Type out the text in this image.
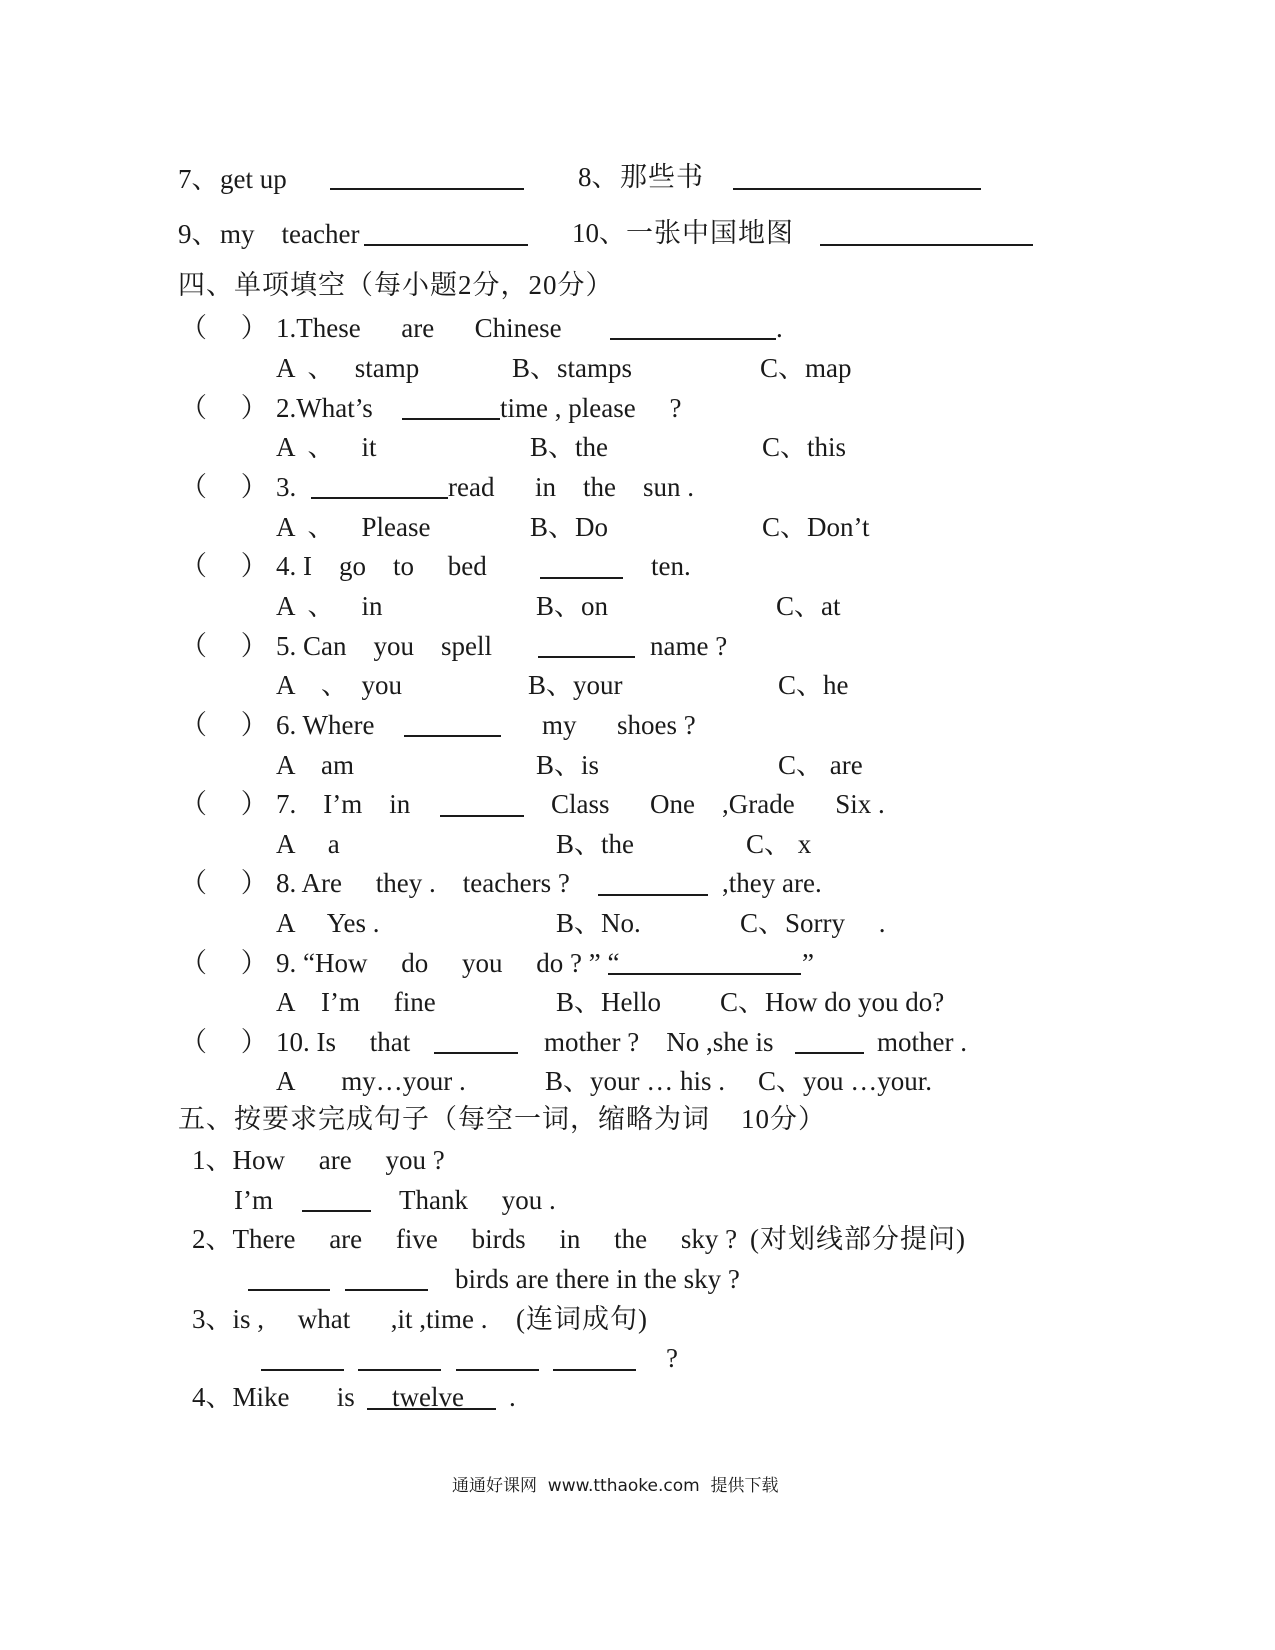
7、 get up	8、 那些书
9、 my    teacher	10、 一张中国地图
四、单项填空（每小题2分，20分）
（     ） 1.These      are      Chinese	.
A  、   stamp	B、stamps	C、map
（     ） 2.What’s	time , please     ?
A  、    it	B、the	C、this
（     ） 3.	read      in    the    sun .
A  、    Please	B、Do	C、Don’t
（     ） 4. I    go    to     bed	ten.
A  、    in	B、on	C、at
（     ） 5. Can    you    spell	name ?
A    、  you	B、your	C、he
（     ） 6. Where	my      shoes ?
A    am	B、is	C、 are
（     ） 7.    I’m    in	Class      One    ,Grade      Six .
A     a	B、the	C、 x
（     ） 8. Are     they .    teachers ?	,they are.
A     Yes .	B、No.	C、Sorry     .
（     ） 9. “How     do     you     do ? ” “	”
A    I’m     fine	B、Hello C、How do you do?
（     ） 10. Is     that	mother ?    No ,she is	mother .
A       my…your .	B、your … his . C、you …your.
五、按要求完成句子（每空一词，缩略为词    10分）
1、How     are     you ?
I’m	Thank     you .
2、There     are     five     birds     in     the     sky ? (对划线部分提问)
birds are there in the sky ?
3、is ,     what      ,it ,time . (连词成句)
?
4、Mike       is twelve .
通通好课网  www.tthaoke.com  提供下载
